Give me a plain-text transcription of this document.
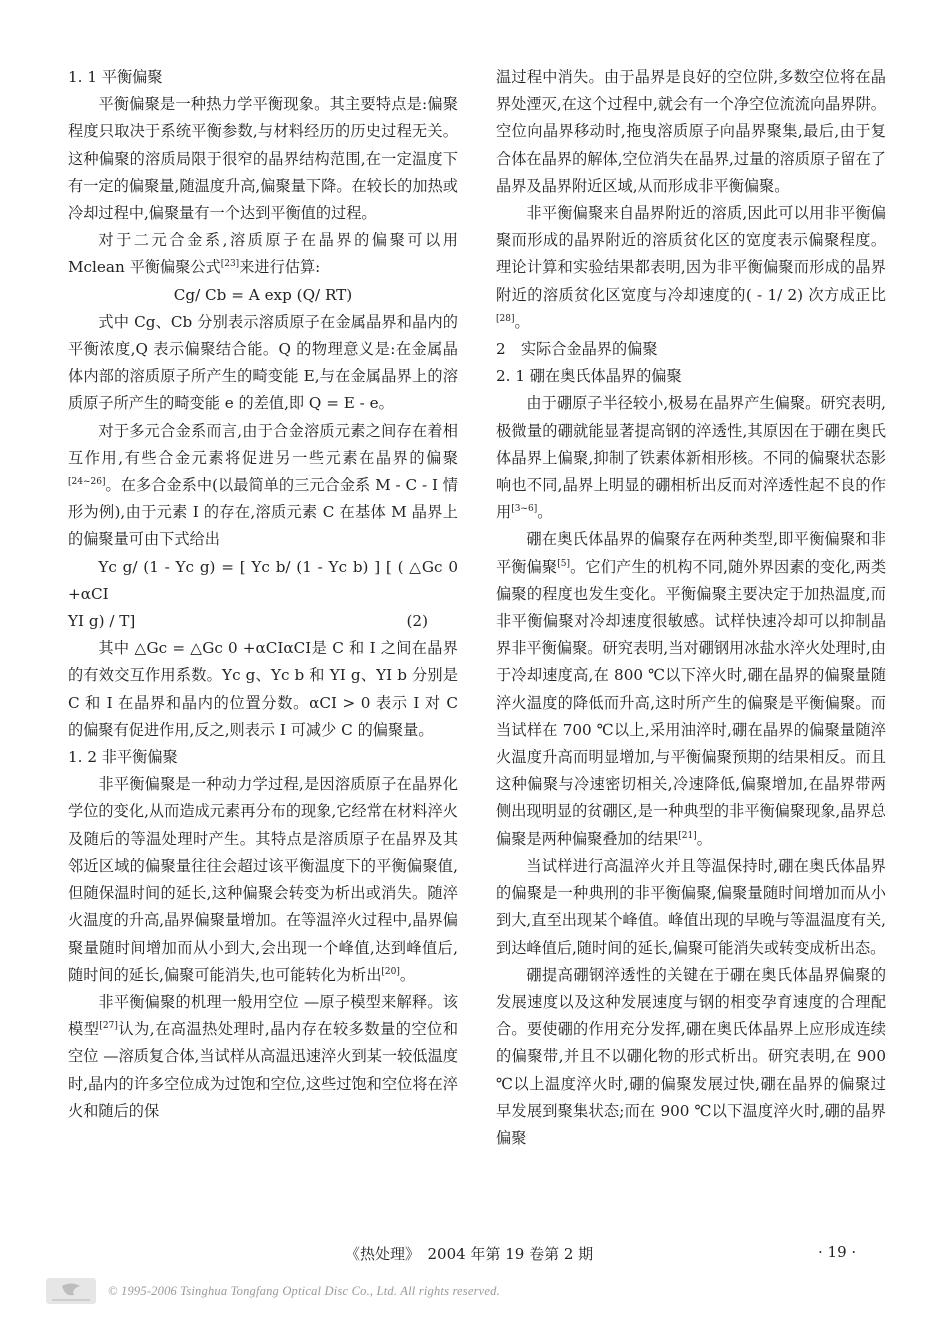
1. 1 平衡偏聚

平衡偏聚是一种热力学平衡现象。其主要特点是:偏聚程度只取决于系统平衡参数,与材料经历的历史过程无关。这种偏聚的溶质局限于很窄的晶界结构范围,在一定温度下有一定的偏聚量,随温度升高,偏聚量下降。在较长的加热或冷却过程中,偏聚量有一个达到平衡值的过程。

对于二元合金系,溶质原子在晶界的偏聚可以用 Mclean 平衡偏聚公式[23]来进行估算:

Cg/ Cb = A exp (Q/ RT)

式中 Cg、Cb 分别表示溶质原子在金属晶界和晶内的平衡浓度,Q 表示偏聚结合能。Q 的物理意义是:在金属晶体内部的溶质原子所产生的畸变能 E,与在金属晶界上的溶质原子所产生的畸变能 e 的差值,即 Q = E - e。

对于多元合金系而言,由于合金溶质元素之间存在着相互作用,有些合金元素将促进另一些元素在晶界的偏聚[24~26]。在多合金系中(以最简单的三元合金系 M - C - I 情形为例),由于元素 I 的存在,溶质元素 C 在基体 M 晶界上的偏聚量可由下式给出

Yc g/ (1 - Yc g) = [ Yc b/ (1 - Yc b) ] [ ( △Gc 0 +αCI

YI g) / T]	(2)

其中 △Gc = △Gc 0 +αCIαCI是 C 和 I 之间在晶界的有效交互作用系数。Yc g、Yc b 和 YI g、YI b 分别是 C 和 I 在晶界和晶内的位置分数。αCI > 0 表示 I 对 C 的偏聚有促进作用,反之,则表示 I 可减少 C 的偏聚量。

1. 2 非平衡偏聚

非平衡偏聚是一种动力学过程,是因溶质原子在晶界化学位的变化,从而造成元素再分布的现象,它经常在材料淬火及随后的等温处理时产生。其特点是溶质原子在晶界及其邻近区域的偏聚量往往会超过该平衡温度下的平衡偏聚值,但随保温时间的延长,这种偏聚会转变为析出或消失。随淬火温度的升高,晶界偏聚量增加。在等温淬火过程中,晶界偏聚量随时间增加而从小到大,会出现一个峰值,达到峰值后,随时间的延长,偏聚可能消失,也可能转化为析出[20]。

非平衡偏聚的机理一般用空位 —原子模型来解释。该模型[27]认为,在高温热处理时,晶内存在较多数量的空位和空位 —溶质复合体,当试样从高温迅速淬火到某一较低温度时,晶内的许多空位成为过饱和空位,这些过饱和空位将在淬火和随后的保

温过程中消失。由于晶界是良好的空位阱,多数空位将在晶界处湮灭,在这个过程中,就会有一个净空位流流向晶界阱。空位向晶界移动时,拖曳溶质原子向晶界聚集,最后,由于复合体在晶界的解体,空位消失在晶界,过量的溶质原子留在了晶界及晶界附近区域,从而形成非平衡偏聚。

非平衡偏聚来自晶界附近的溶质,因此可以用非平衡偏聚而形成的晶界附近的溶质贫化区的宽度表示偏聚程度。理论计算和实验结果都表明,因为非平衡偏聚而形成的晶界附近的溶质贫化区宽度与冷却速度的( - 1/ 2) 次方成正比[28]。

2　实际合金晶界的偏聚

2. 1 硼在奥氏体晶界的偏聚

由于硼原子半径较小,极易在晶界产生偏聚。研究表明,极微量的硼就能显著提高钢的淬透性,其原因在于硼在奥氏体晶界上偏聚,抑制了铁素体新相形核。不同的偏聚状态影响也不同,晶界上明显的硼相析出反而对淬透性起不良的作用[3~6]。

硼在奥氏体晶界的偏聚存在两种类型,即平衡偏聚和非平衡偏聚[5]。它们产生的机构不同,随外界因素的变化,两类偏聚的程度也发生变化。平衡偏聚主要决定于加热温度,而非平衡偏聚对冷却速度很敏感。试样快速冷却可以抑制晶界非平衡偏聚。研究表明,当对硼钢用冰盐水淬火处理时,由于冷却速度高,在 800 ℃以下淬火时,硼在晶界的偏聚量随淬火温度的降低而升高,这时所产生的偏聚是平衡偏聚。而当试样在 700 ℃以上,采用油淬时,硼在晶界的偏聚量随淬火温度升高而明显增加,与平衡偏聚预期的结果相反。而且这种偏聚与冷速密切相关,冷速降低,偏聚增加,在晶界带两侧出现明显的贫硼区,是一种典型的非平衡偏聚现象,晶界总偏聚是两种偏聚叠加的结果[21]。

当试样进行高温淬火并且等温保持时,硼在奥氏体晶界的偏聚是一种典刑的非平衡偏聚,偏聚量随时间增加而从小到大,直至出现某个峰值。峰值出现的早晚与等温温度有关,到达峰值后,随时间的延长,偏聚可能消失或转变成析出态。

硼提高硼钢淬透性的关键在于硼在奥氏体晶界偏聚的发展速度以及这种发展速度与钢的相变孕育速度的合理配合。要使硼的作用充分发挥,硼在奥氏体晶界上应形成连续的偏聚带,并且不以硼化物的形式析出。研究表明,在 900 ℃以上温度淬火时,硼的偏聚发展过快,硼在晶界的偏聚过早发展到聚集状态;而在 900 ℃以下温度淬火时,硼的晶界偏聚

《热处理》　2004 年第 19 卷第 2 期	· 19 ·
© 1995-2006 Tsinghua Tongfang Optical Disc Co., Ltd. All rights reserved.
